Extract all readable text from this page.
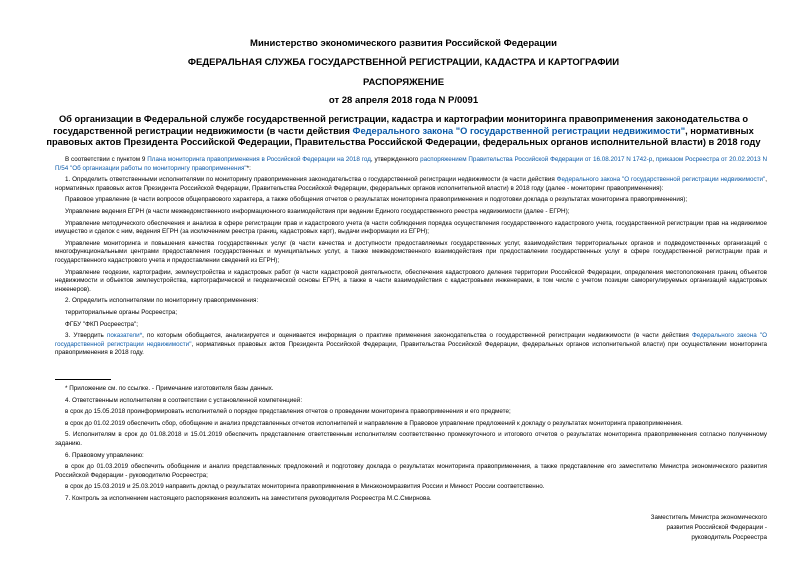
Министерство экономического развития Российской Федерации
ФЕДЕРАЛЬНАЯ СЛУЖБА ГОСУДАРСТВЕННОЙ РЕГИСТРАЦИИ, КАДАСТРА И КАРТОГРАФИИ
РАСПОРЯЖЕНИЕ
от 28 апреля 2018 года N Р/0091
Об организации в Федеральной службе государственной регистрации, кадастра и картографии мониторинга правоприменения законодательства о государственной регистрации недвижимости (в части действия Федерального закона "О государственной регистрации недвижимости", нормативных правовых актов Президента Российской Федерации, Правительства Российской Федерации, федеральных органов исполнительной власти) в 2018 году

В соответствии с пунктом 9 Плана мониторинга правоприменения в Российской Федерации на 2018 год, утвержденного распоряжением Правительства Российской Федерации от 16.08.2017 N 1742-р, приказом Росреестра от 20.02.2013 N П/54 "Об организации работы по мониторингу правоприменения"*:

1. Определить ответственными исполнителями по мониторингу правоприменения законодательства о государственной регистрации недвижимости (в части действия Федерального закона "О государственной регистрации недвижимости", нормативных правовых актов Президента Российской Федерации, Правительства Российской Федерации, федеральных органов исполнительной власти) в 2018 году (далее - мониторинг правоприменения):

Правовое управление (в части вопросов общеправового характера, а также обобщения отчетов о результатах мониторинга правоприменения и подготовки доклада о результатах мониторинга правоприменения);

Управление ведения ЕГРН (в части межведомственного информационного взаимодействия при ведении Единого государственного реестра недвижимости (далее - ЕГРН);

Управление методического обеспечения и анализа в сфере регистрации прав и кадастрового учета (в части соблюдения порядка осуществления государственного кадастрового учета, государственной регистрации прав на недвижимое имущество и сделок с ним, ведения ЕГРН (за исключением реестра границ, кадастровых карт), выдачи информации из ЕГРН);

Управление мониторинга и повышения качества государственных услуг (в части качества и доступности предоставляемых государственных услуг, взаимодействия территориальных органов и подведомственных организаций с многофункциональными центрами предоставления государственных и муниципальных услуг, а также межведомственного взаимодействия при предоставлении государственных услуг в сфере государственной регистрации прав и государственного кадастрового учета и предоставлении сведений из ЕГРН);

Управление геодезии, картографии, землеустройства и кадастровых работ (в части кадастровой деятельности, обеспечения кадастрового деления территории Российской Федерации, определения местоположения границ объектов недвижимости и объектов землеустройства, картографической и геодезической основы ЕГРН, а также в части взаимодействия с кадастровыми инженерами, в том числе с учетом позиции саморегулируемых организаций кадастровых инженеров).

2. Определить исполнителями по мониторингу правоприменения:

территориальные органы Росреестра;

ФГБУ "ФКП Росреестра";

3. Утвердить показатели*, по которым обобщается, анализируется и оценивается информация о практике применения законодательства о государственной регистрации недвижимости (в части действия Федерального закона "О государственной регистрации недвижимости", нормативных правовых актов Президента Российской Федерации, Правительства Российской Федерации, федеральных органов исполнительной власти) при осуществлении мониторинга правоприменения в 2018 году.

* Приложение см. по ссылке. - Примечание изготовителя базы данных.

4. Ответственным исполнителям в соответствии с установленной компетенцией:

в срок до 15.05.2018 проинформировать исполнителей о порядке представления отчетов о проведении мониторинга правоприменения и его предмете;

в срок до 01.02.2019 обеспечить сбор, обобщение и анализ представленных отчетов исполнителей и направление в Правовое управление предложений к докладу о результатах мониторинга правоприменения.

5. Исполнителям в срок до 01.08.2018 и 15.01.2019 обеспечить представление ответственным исполнителям соответственно промежуточного и итогового отчетов о результатах мониторинга правоприменения согласно полученному заданию.

6. Правовому управлению:

в срок до 01.03.2019 обеспечить обобщение и анализ представленных предложений и подготовку доклада о результатах мониторинга правоприменения, а также представление его заместителю Министра экономического развития Российской Федерации - руководителю Росреестра;

в срок до 15.03.2019 и 25.03.2019 направить доклад о результатах мониторинга правоприменения в Минэкономразвития России и Минюст России соответственно.

7. Контроль за исполнением настоящего распоряжения возложить на заместителя руководителя Росреестра М.С.Смирнова.

Заместитель Министра экономического
развития Российской Федерации -
руководитель Росреестра
